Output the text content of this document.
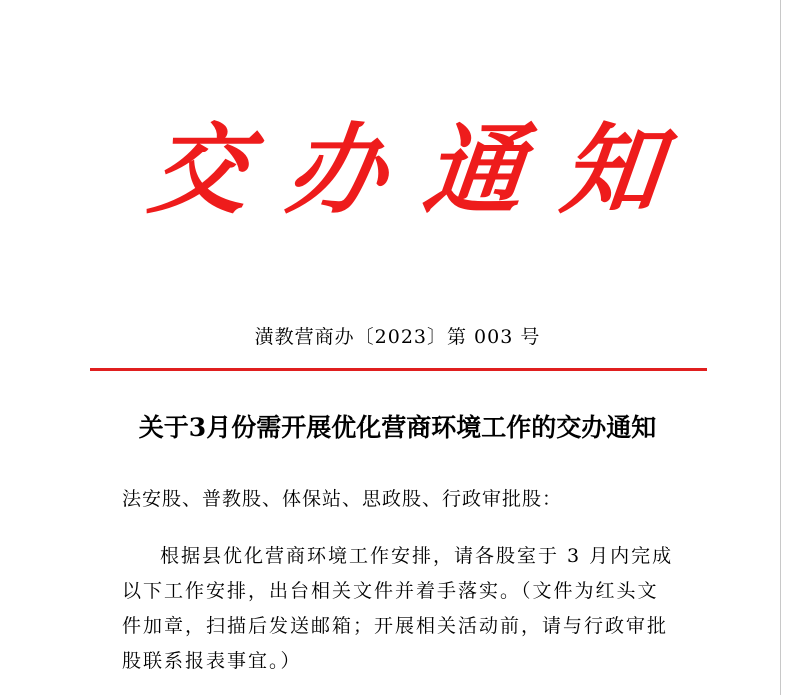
交 办 通 知
潢教营商办〔2023〕第 003 号
关于3月份需开展优化营商环境工作的交办通知
法安股、普教股、体保站、思政股、行政审批股：
根据县优化营商环境工作安排，请各股室于 3 月内完成
以下工作安排，出台相关文件并着手落实。（文件为红头文
件加章，扫描后发送邮箱；开展相关活动前，请与行政审批
股联系报表事宜。）
